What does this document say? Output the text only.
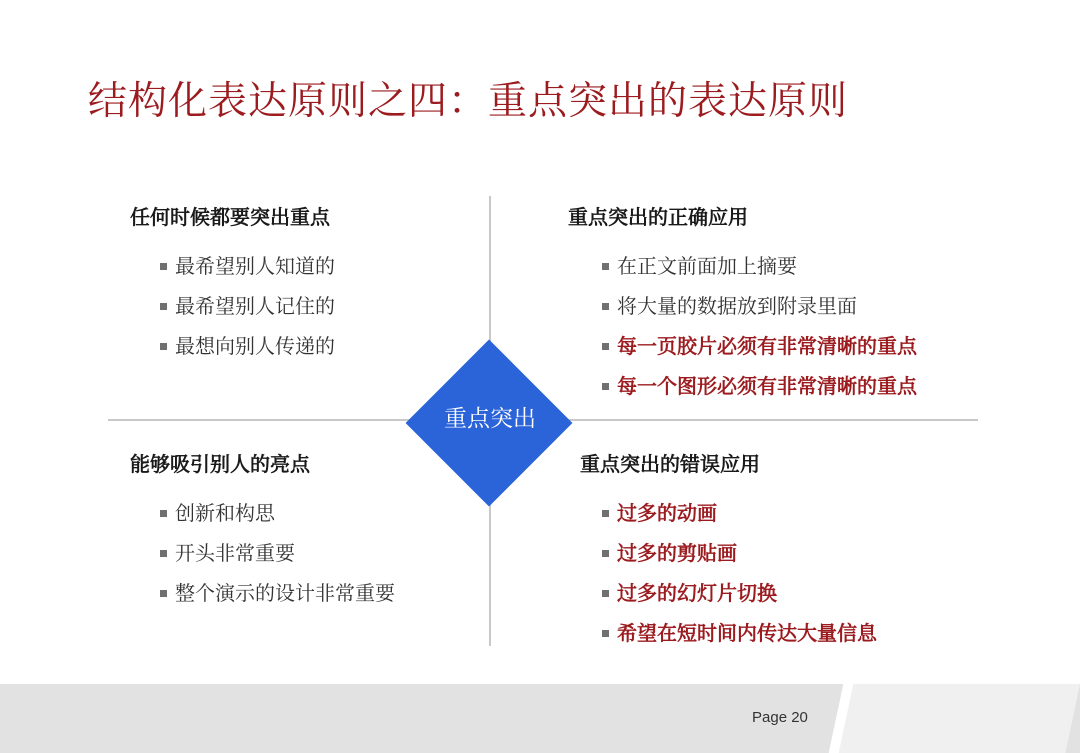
结构化表达原则之四：重点突出的表达原则
任何时候都要突出重点
最希望别人知道的
最希望别人记住的
最想向别人传递的
重点突出的正确应用
在正文前面加上摘要
将大量的数据放到附录里面
每一页胶片必须有非常清晰的重点
每一个图形必须有非常清晰的重点
能够吸引别人的亮点
创新和构思
开头非常重要
整个演示的设计非常重要
重点突出的错误应用
过多的动画
过多的剪贴画
过多的幻灯片切换
希望在短时间内传达大量信息
重点突出
Page 20
